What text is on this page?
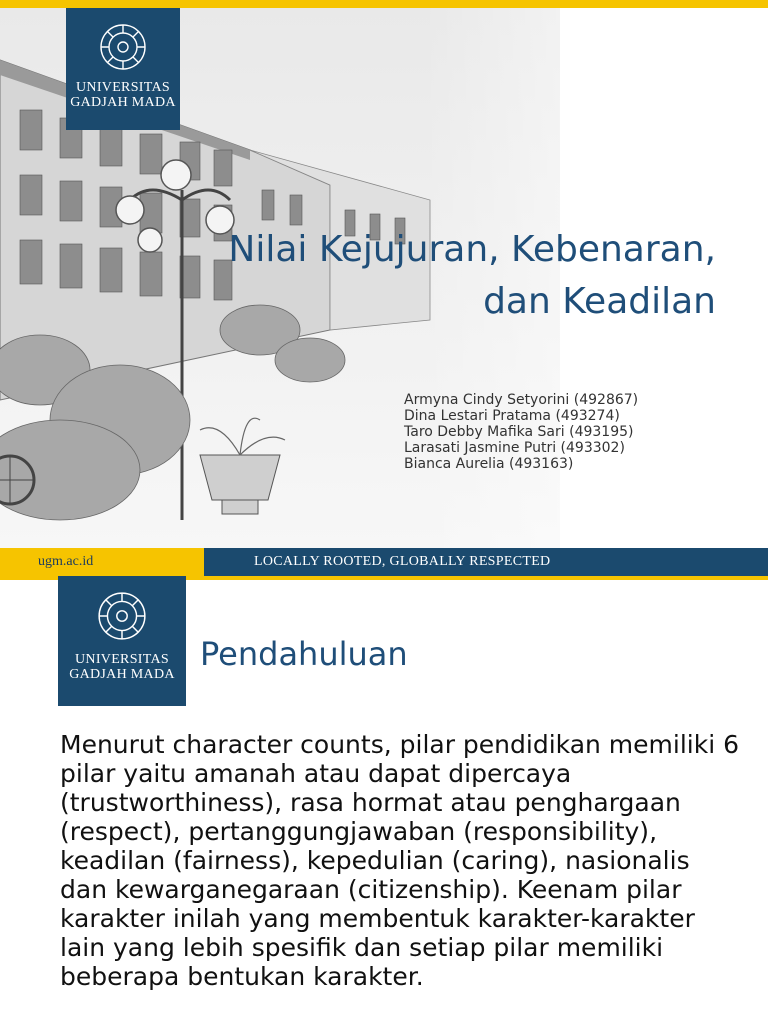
UNIVERSITAS
GADJAH MADA
Nilai Kejujuran, Kebenaran,
dan Keadilan
Armyna Cindy Setyorini (492867)
Dina Lestari Pratama (493274)
Taro Debby Mafika Sari (493195)
Larasati Jasmine Putri (493302)
Bianca Aurelia (493163)
ugm.ac.id	LOCALLY ROOTED, GLOBALLY RESPECTED
UNIVERSITAS
GADJAH MADA
Pendahuluan

Menurut character counts, pilar pendidikan memiliki 6 pilar yaitu amanah atau dapat dipercaya (trustworthiness), rasa hormat atau penghargaan (respect), pertanggungjawaban (responsibility), keadilan (fairness), kepedulian (caring), nasionalis dan kewarganegaraan (citizenship). Keenam pilar karakter inilah yang membentuk karakter-karakter lain yang lebih spesifik dan setiap pilar memiliki beberapa bentukan karakter.
